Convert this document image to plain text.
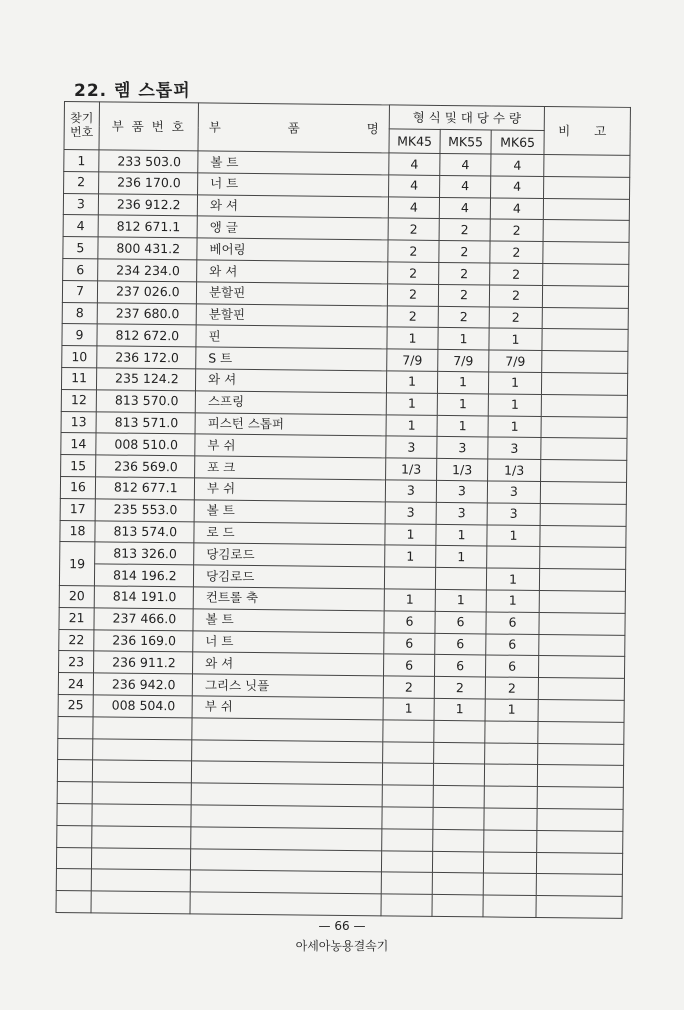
22. 렘 스톱퍼
찾기
번호	부 품 번 호	부 품 명	형 식 및 대 당 수 량			비 고
			MK45	MK55	MK65	
1	233 503.0	볼 트	4	4	4	
2	236 170.0	너 트	4	4	4	
3	236 912.2	와 셔	4	4	4	
4	812 671.1	앵 글	2	2	2	
5	800 431.2	베어링	2	2	2	
6	234 234.0	와 셔	2	2	2	
7	237 026.0	분할핀	2	2	2	
8	237 680.0	분할핀	2	2	2	
9	812 672.0	핀	1	1	1	
10	236 172.0	S 트	7/9	7/9	7/9	
11	235 124.2	와 셔	1	1	1	
12	813 570.0	스프링	1	1	1	
13	813 571.0	피스턴 스톱퍼	1	1	1	
14	008 510.0	부 쉬	3	3	3	
15	236 569.0	포 크	1/3	1/3	1/3	
16	812 677.1	부 쉬	3	3	3	
17	235 553.0	볼 트	3	3	3	
18	813 574.0	로 드	1	1	1	
19	813 326.0	당김로드	1	1		
	814 196.2	당김로드			1	
20	814 191.0	컨트롤 축	1	1	1	
21	237 466.0	볼 트	6	6	6	
22	236 169.0	너 트	6	6	6	
23	236 911.2	와 셔	6	6	6	
24	236 942.0	그리스 닛플	2	2	2	
25	008 504.0	부 쉬	1	1	1	

— 66 —
아세아농용결속기
